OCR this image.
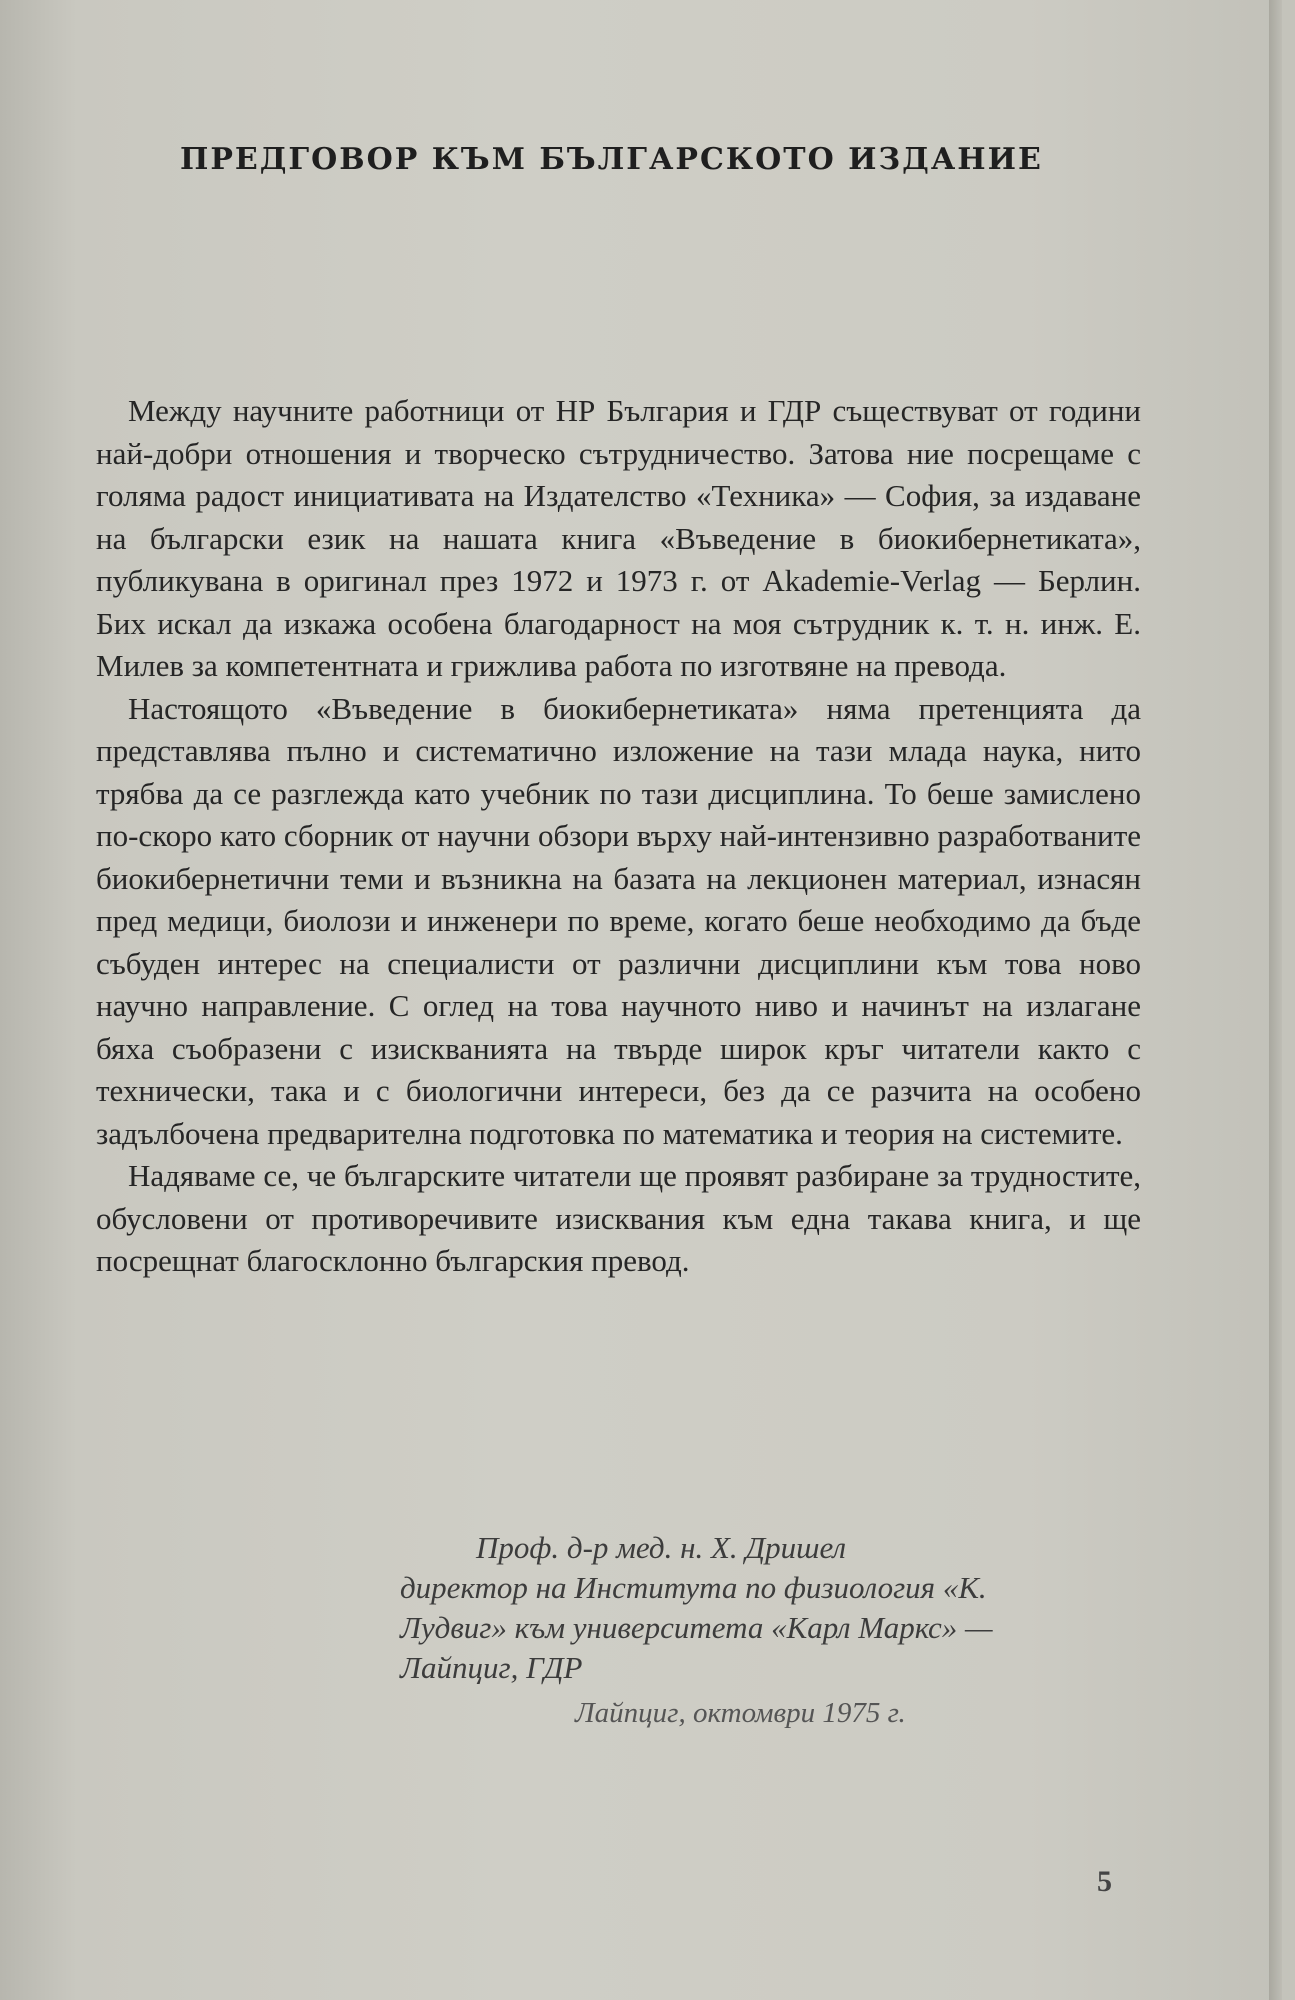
ПРЕДГОВОР КЪМ БЪЛГАРСКОТО ИЗДАНИЕ

Между научните работници от НР България и ГДР съществуват от години най-добри отношения и творческо сътрудничество. Затова ние посрещаме с голяма радост инициативата на Издателство «Техника» — София, за издаване на български език на нашата книга «Въведение в биокибернетиката», публикувана в оригинал през 1972 и 1973 г. от Akademie-Verlag — Берлин. Бих искал да изкажа особена благодарност на моя сътрудник к. т. н. инж. Е. Милев за компетентната и грижлива работа по изготвяне на превода.

Настоящото «Въведение в биокибернетиката» няма претенцията да представлява пълно и систематично изложение на тази млада наука, нито трябва да се разглежда като учебник по тази дисциплина. То беше замислено по-скоро като сборник от научни обзори върху най-интензивно разработваните биокибернетични теми и възникна на базата на лекционен материал, изнасян пред медици, биолози и инженери по време, когато беше необходимо да бъде събуден интерес на специалисти от различни дисциплини към това ново научно направление. С оглед на това научното ниво и начинът на излагане бяха съобразени с изискванията на твърде широк кръг читатели както с технически, така и с биологични интереси, без да се разчита на особено задълбочена предварителна подготовка по математика и теория на системите.

Надяваме се, че българските читатели ще проявят разбиране за трудностите, обусловени от противоречивите изисквания към една такава книга, и ще посрещнат благосклонно българския превод.

Проф. д-р мед. н. Х. Дришел

директор на Института по физиология «К.

Лудвиг» към университета «Карл Маркс» —

Лайпциг, ГДР

Лайпциг, октомври 1975 г.
5
